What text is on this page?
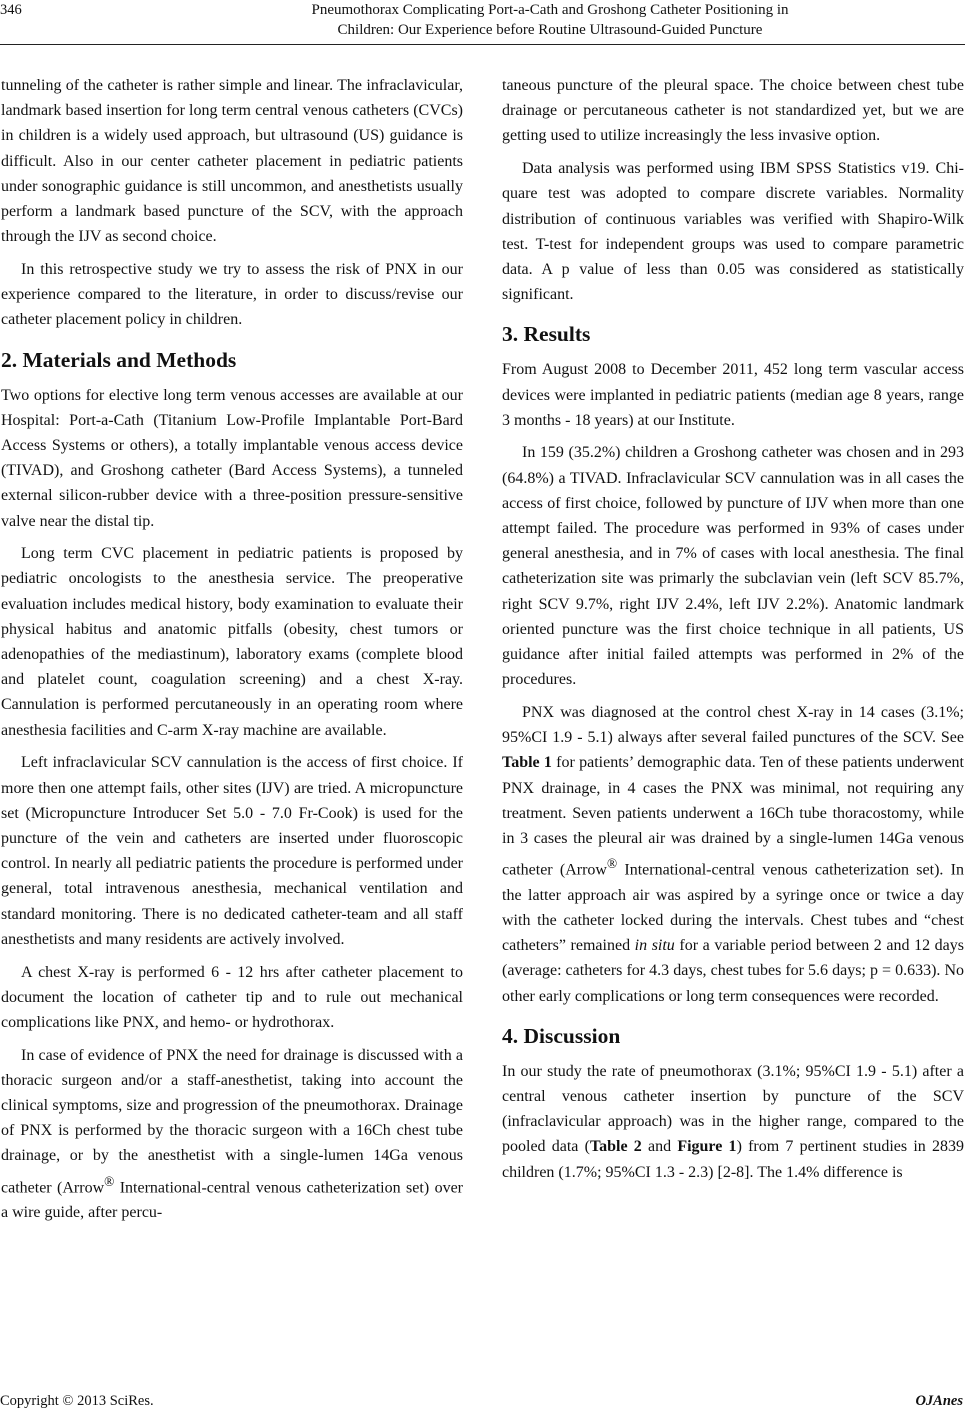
346	Pneumothorax Complicating Port-a-Cath and Groshong Catheter Positioning in
Children: Our Experience before Routine Ultrasound-Guided Puncture

tunneling of the catheter is rather simple and linear. The infraclavicular, landmark based insertion for long term central venous catheters (CVCs) in children is a widely used approach, but ultrasound (US) guidance is difficult. Also in our center catheter placement in pediatric patients under sonographic guidance is still uncommon, and anesthetists usually perform a landmark based puncture of the SCV, with the approach through the IJV as second choice.

In this retrospective study we try to assess the risk of PNX in our experience compared to the literature, in order to discuss/revise our catheter placement policy in children.

2. Materials and Methods

Two options for elective long term venous accesses are available at our Hospital: Port-a-Cath (Titanium Low-Profile Implantable Port-Bard Access Systems or others), a totally implantable venous access device (TIVAD), and Groshong catheter (Bard Access Systems), a tunneled external silicon-rubber device with a three-position pressure-sensitive valve near the distal tip.

Long term CVC placement in pediatric patients is proposed by pediatric oncologists to the anesthesia service. The preoperative evaluation includes medical history, body examination to evaluate their physical habitus and anatomic pitfalls (obesity, chest tumors or adenopathies of the mediastinum), laboratory exams (complete blood and platelet count, coagulation screening) and a chest X-ray. Cannulation is performed percutaneously in an operating room where anesthesia facilities and C-arm X-ray machine are available.

Left infraclavicular SCV cannulation is the access of first choice. If more then one attempt fails, other sites (IJV) are tried. A micropuncture set (Micropuncture Introducer Set 5.0 - 7.0 Fr-Cook) is used for the puncture of the vein and catheters are inserted under fluoroscopic control. In nearly all pediatric patients the procedure is performed under general, total intravenous anesthesia, mechanical ventilation and standard monitoring. There is no dedicated catheter-team and all staff anesthetists and many residents are actively involved.

A chest X-ray is performed 6 - 12 hrs after catheter placement to document the location of catheter tip and to rule out mechanical complications like PNX, and hemo- or hydrothorax.

In case of evidence of PNX the need for drainage is discussed with a thoracic surgeon and/or a staff-anesthetist, taking into account the clinical symptoms, size and progression of the pneumothorax. Drainage of PNX is performed by the thoracic surgeon with a 16Ch chest tube drainage, or by the anesthetist with a single-lumen 14Ga venous catheter (Arrow® International-central venous catheterization set) over a wire guide, after percu-

taneous puncture of the pleural space. The choice between chest tube drainage or percutaneous catheter is not standardized yet, but we are getting used to utilize increasingly the less invasive option.

Data analysis was performed using IBM SPSS Statistics v19. Chi-quare test was adopted to compare discrete variables. Normality distribution of continuous variables was verified with Shapiro-Wilk test. T-test for independent groups was used to compare parametric data. A p value of less than 0.05 was considered as statistically significant.

3. Results

From August 2008 to December 2011, 452 long term vascular access devices were implanted in pediatric patients (median age 8 years, range 3 months - 18 years) at our Institute.

In 159 (35.2%) children a Groshong catheter was chosen and in 293 (64.8%) a TIVAD. Infraclavicular SCV cannulation was in all cases the access of first choice, followed by puncture of IJV when more than one attempt failed. The procedure was performed in 93% of cases under general anesthesia, and in 7% of cases with local anesthesia. The final catheterization site was primarly the subclavian vein (left SCV 85.7%, right SCV 9.7%, right IJV 2.4%, left IJV 2.2%). Anatomic landmark oriented puncture was the first choice technique in all patients, US guidance after initial failed attempts was performed in 2% of the procedures.

PNX was diagnosed at the control chest X-ray in 14 cases (3.1%; 95%CI 1.9 - 5.1) always after several failed punctures of the SCV. See Table 1 for patients’ demographic data. Ten of these patients underwent PNX drainage, in 4 cases the PNX was minimal, not requiring any treatment. Seven patients underwent a 16Ch tube thoracostomy, while in 3 cases the pleural air was drained by a single-lumen 14Ga venous catheter (Arrow® International-central venous catheterization set). In the latter approach air was aspired by a syringe once or twice a day with the catheter locked during the intervals. Chest tubes and “chest catheters” remained in situ for a variable period between 2 and 12 days (average: catheters for 4.3 days, chest tubes for 5.6 days; p = 0.633). No other early complications or long term consequences were recorded.

4. Discussion

In our study the rate of pneumothorax (3.1%; 95%CI 1.9 - 5.1) after a central venous catheter insertion by puncture of the SCV (infraclavicular approach) was in the higher range, compared to the pooled data (Table 2 and Figure 1) from 7 pertinent studies in 2839 children (1.7%; 95%CI 1.3 - 2.3) [2-8]. The 1.4% difference is

Copyright © 2013 SciRes.	OJAnes
